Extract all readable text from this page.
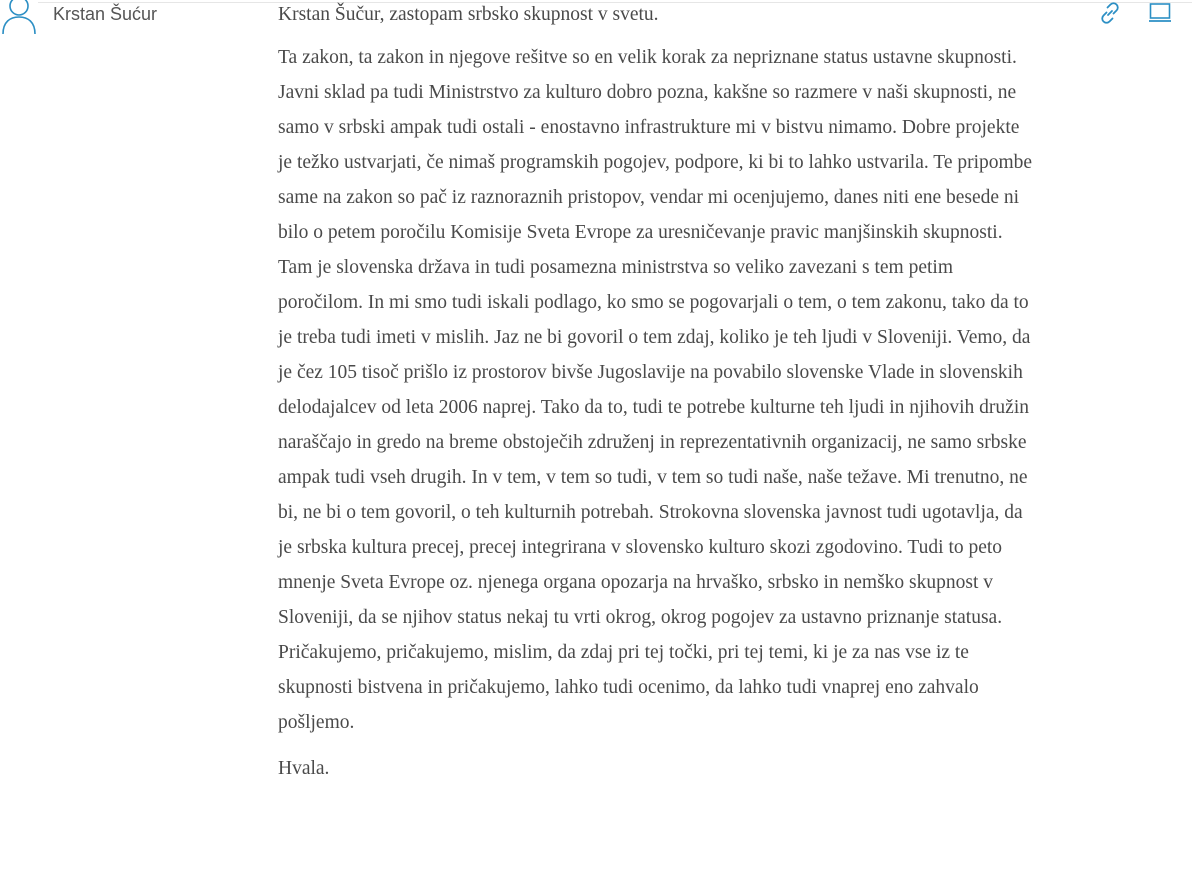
Krstan Šućur	Krstan Šučur, zastopam srbsko skupnost v svetu.

Ta zakon, ta zakon in njegove rešitve so en velik korak za nepriznane status ustavne skupnosti. Javni sklad pa tudi Ministrstvo za kulturo dobro pozna, kakšne so razmere v naši skupnosti, ne samo v srbski ampak tudi ostali - enostavno infrastrukture mi v bistvu nimamo. Dobre projekte je težko ustvarjati, če nimaš programskih pogojev, podpore, ki bi to lahko ustvarila. Te pripombe same na zakon so pač iz raznoraznih pristopov, vendar mi ocenjujemo, danes niti ene besede ni bilo o petem poročilu Komisije Sveta Evrope za uresničevanje pravic manjšinskih skupnosti. Tam je slovenska država in tudi posamezna ministrstva so veliko zavezani s tem petim poročilom. In mi smo tudi iskali podlago, ko smo se pogovarjali o tem, o tem zakonu, tako da to je treba tudi imeti v mislih. Jaz ne bi govoril o tem zdaj, koliko je teh ljudi v Sloveniji. Vemo, da je čez 105 tisoč prišlo iz prostorov bivše Jugoslavije na povabilo slovenske Vlade in slovenskih delodajalcev od leta 2006 naprej. Tako da to, tudi te potrebe kulturne teh ljudi in njihovih družin naraščajo in gredo na breme obstoječih združenj in reprezentativnih organizacij, ne samo srbske ampak tudi vseh drugih. In v tem, v tem so tudi, v tem so tudi naše, naše težave. Mi trenutno, ne bi, ne bi o tem govoril, o teh kulturnih potrebah. Strokovna slovenska javnost tudi ugotavlja, da je srbska kultura precej, precej integrirana v slovensko kulturo skozi zgodovino. Tudi to peto mnenje Sveta Evrope oz. njenega organa opozarja na hrvaško, srbsko in nemško skupnost v Sloveniji, da se njihov status nekaj tu vrti okrog, okrog pogojev za ustavno priznanje statusa. Pričakujemo, pričakujemo, mislim, da zdaj pri tej točki, pri tej temi, ki je za nas vse iz te skupnosti bistvena in pričakujemo, lahko tudi ocenimo, da lahko tudi vnaprej eno zahvalo pošljemo.

Hvala.
